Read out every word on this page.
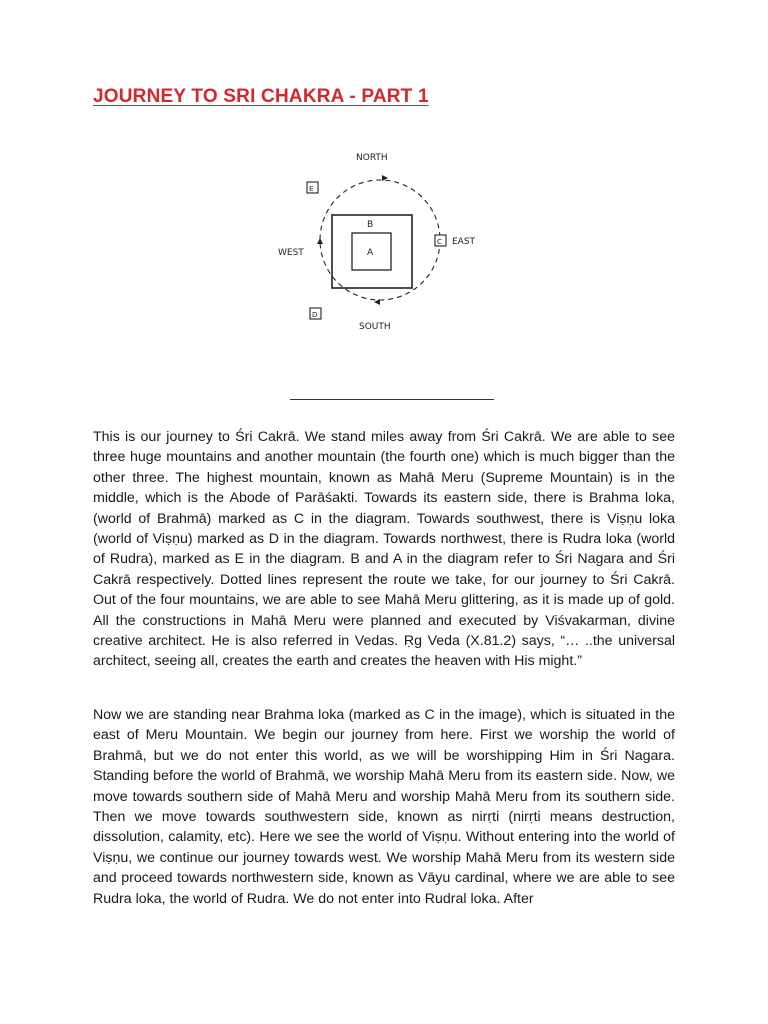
JOURNEY TO SRI CHAKRA - PART 1
NORTH
SOUTH
EAST
WEST	A
B
C
D
E

This is our journey to Śri Cakrā. We stand miles away from Śri Cakrā. We are able to see three huge mountains and another mountain (the fourth one) which is much bigger than the other three. The highest mountain, known as Mahā Meru (Supreme Mountain) is in the middle, which is the Abode of Parāśakti. Towards its eastern side, there is Brahma loka, (world of Brahmā) marked as C in the diagram. Towards southwest, there is Viṣṇu loka (world of Viṣṇu) marked as D in the diagram. Towards northwest, there is Rudra loka (world of Rudra), marked as E in the diagram. B and A in the diagram refer to Śri Nagara and Śri Cakrā respectively. Dotted lines represent the route we take, for our journey to Śri Cakrā. Out of the four mountains, we are able to see Mahā Meru glittering, as it is made up of gold. All the constructions in Mahā Meru were planned and executed by Viśvakarman, divine creative architect. He is also referred in Vedas. Ṛg Veda (X.81.2) says, “… ..the universal architect, seeing all, creates the earth and creates the heaven with His might.”

Now we are standing near Brahma loka (marked as C in the image), which is situated in the east of Meru Mountain. We begin our journey from here. First we worship the world of Brahmā, but we do not enter this world, as we will be worshipping Him in Śri Nagara. Standing before the world of Brahmā, we worship Mahā Meru from its eastern side. Now, we move towards southern side of Mahā Meru and worship Mahā Meru from its southern side. Then we move towards southwestern side, known as nirṛti (nirṛti means destruction, dissolution, calamity, etc). Here we see the world of Viṣṇu. Without entering into the world of Viṣṇu, we continue our journey towards west. We worship Mahā Meru from its western side and proceed towards northwestern side, known as Vāyu cardinal, where we are able to see Rudra loka, the world of Rudra. We do not enter into Rudral loka. After
